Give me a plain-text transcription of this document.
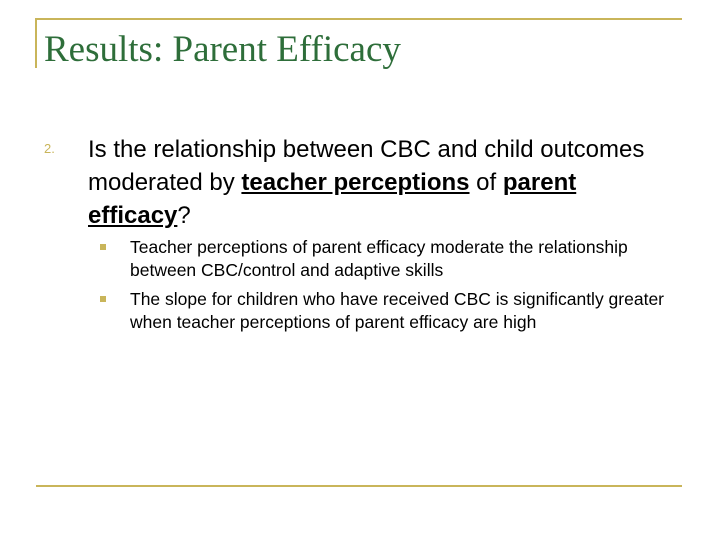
Results: Parent Efficacy
2. Is the relationship between CBC and child outcomes moderated by teacher perceptions of parent efficacy?
Teacher perceptions of parent efficacy moderate the relationship between CBC/control and adaptive skills
The slope for children who have received CBC is significantly greater when teacher perceptions of parent efficacy are high
